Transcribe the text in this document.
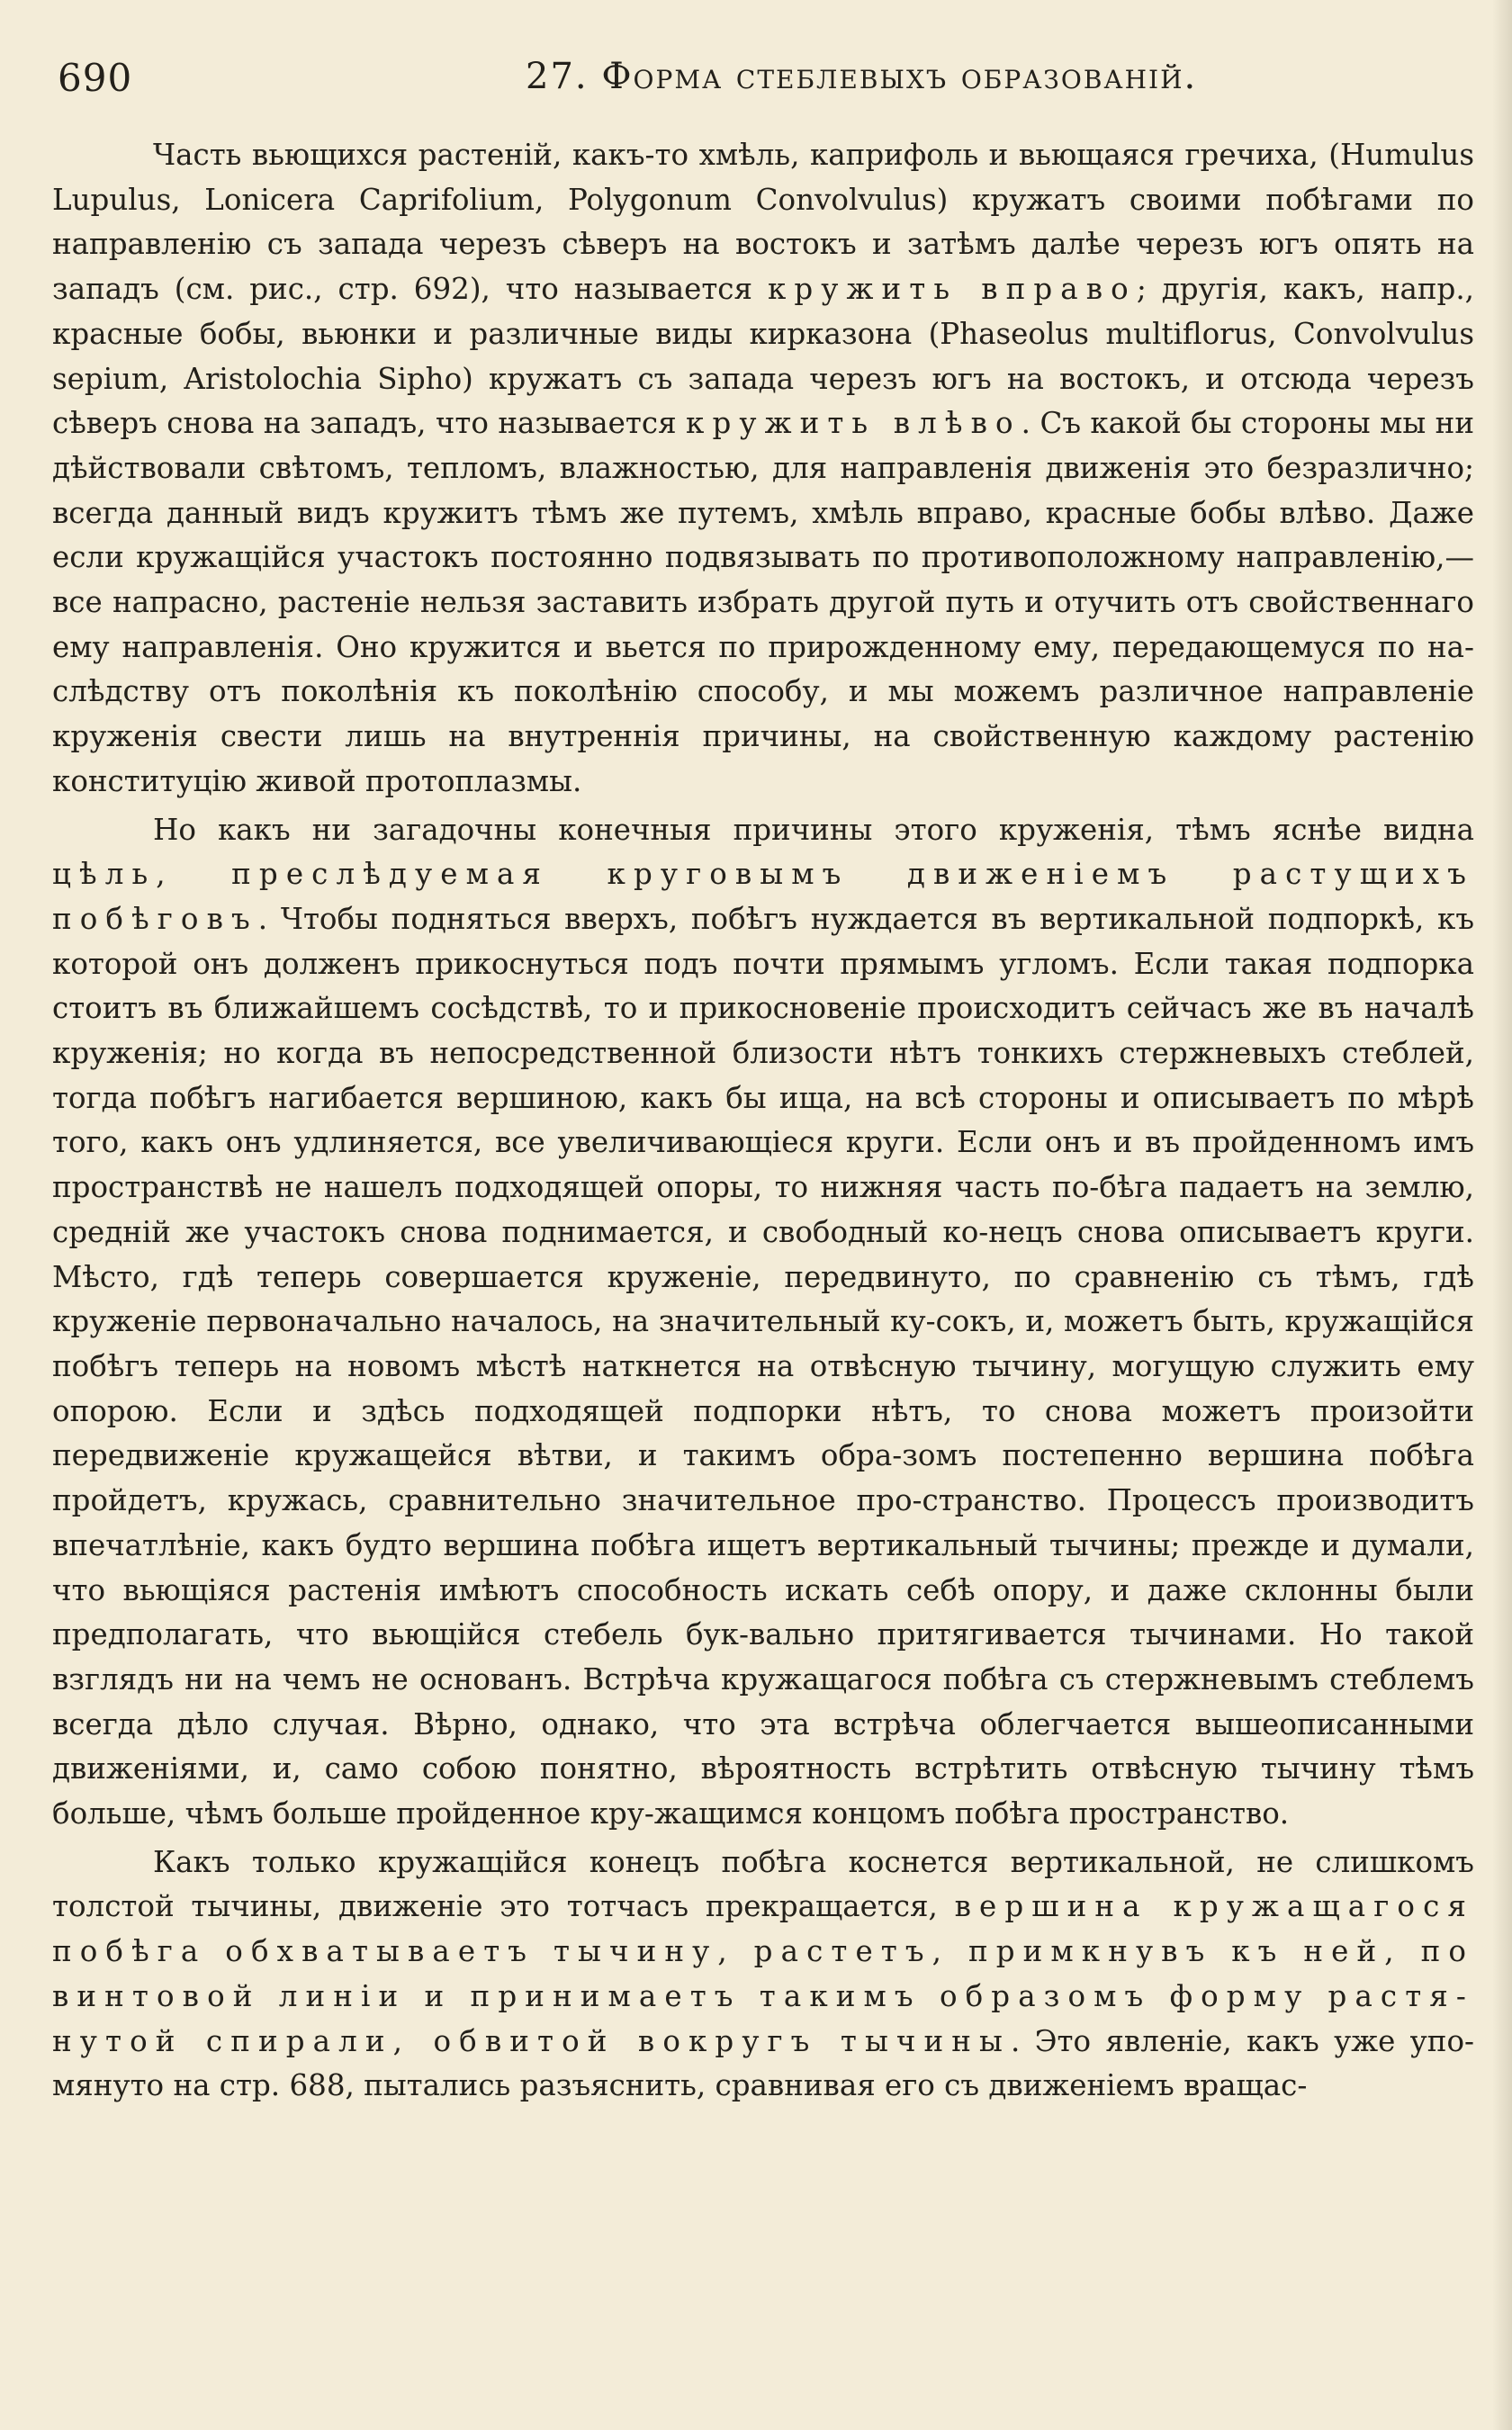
690	27. Форма стеблевыхъ образованій.

Часть вьющихся растеній, какъ-то хмѣль, каприфоль и вьющаяся гречиха, (Humulus Lupulus, Lonicera Caprifolium, Polygonum Convolvulus) кружатъ своими побѣгами по направленію съ запада черезъ сѣверъ на востокъ и затѣмъ далѣе черезъ югъ опять на западъ (см. рис., стр. 692), что называется кружить вправо; другія, какъ, напр., красные бобы, вьюнки и различные виды кирказона (Phaseolus multiflorus, Convolvulus sepium, Aristolochia Sipho) кружатъ съ запада черезъ югъ на востокъ, и отсюда черезъ сѣверъ снова на западъ, что называется кружить влѣво. Съ какой бы стороны мы ни дѣйствовали свѣтомъ, тепломъ, влажностью, для направленія движенія это безразлично; всегда данный видъ кружитъ тѣмъ же путемъ, хмѣль вправо, красные бобы влѣво. Даже если кружащійся участокъ постоянно подвязывать по противоположному направленію,—все напрасно, растеніе нельзя заставить избрать другой путь и отучить отъ свойственнаго ему направленія. Оно кружится и вьется по прирожденному ему, передающемуся по на-слѣдству отъ поколѣнія къ поколѣнію способу, и мы можемъ различное направленіе круженія свести лишь на внутреннія причины, на свойственную каждому растенію конституцію живой протоплазмы.

Но какъ ни загадочны конечныя причины этого круженія, тѣмъ яснѣе видна цѣль, преслѣдуемая круговымъ движеніемъ растущихъ побѣговъ. Чтобы подняться вверхъ, побѣгъ нуждается въ вертикальной подпоркѣ, къ которой онъ долженъ прикоснуться подъ почти прямымъ угломъ. Если такая подпорка стоитъ въ ближайшемъ сосѣдствѣ, то и прикосновеніе происходитъ сейчасъ же въ началѣ круженія; но когда въ непосредственной близости нѣтъ тонкихъ стержневыхъ стеблей, тогда побѣгъ нагибается вершиною, какъ бы ища, на всѣ стороны и описываетъ по мѣрѣ того, какъ онъ удлиняется, все увеличивающіеся круги. Если онъ и въ пройденномъ имъ пространствѣ не нашелъ подходящей опоры, то нижняя часть по-бѣга падаетъ на землю, средній же участокъ снова поднимается, и свободный ко-нецъ снова описываетъ круги. Мѣсто, гдѣ теперь совершается круженіе, передвинуто, по сравненію съ тѣмъ, гдѣ круженіе первоначально началось, на значительный ку-сокъ, и, можетъ быть, кружащійся побѣгъ теперь на новомъ мѣстѣ наткнется на отвѣсную тычину, могущую служить ему опорою. Если и здѣсь подходящей подпорки нѣтъ, то снова можетъ произойти передвиженіе кружащейся вѣтви, и такимъ обра-зомъ постепенно вершина побѣга пройдетъ, кружась, сравнительно значительное про-странство. Процессъ производитъ впечатлѣніе, какъ будто вершина побѣга ищетъ вертикальный тычины; прежде и думали, что вьющіяся растенія имѣютъ способность искать себѣ опору, и даже склонны были предполагать, что вьющійся стебель бук-вально притягивается тычинами. Но такой взглядъ ни на чемъ не основанъ. Встрѣча кружащагося побѣга съ стержневымъ стеблемъ всегда дѣло случая. Вѣрно, однако, что эта встрѣча облегчается вышеописанными движеніями, и, само собою понятно, вѣроятность встрѣтить отвѣсную тычину тѣмъ больше, чѣмъ больше пройденное кру-жащимся концомъ побѣга пространство.

Какъ только кружащійся конецъ побѣга коснется вертикальной, не слишкомъ толстой тычины, движеніе это тотчасъ прекращается, вершина кружащагося побѣга обхватываетъ тычину, растетъ, примкнувъ къ ней, по винтовой линіи и принимаетъ такимъ образомъ форму растя-нутой спирали, обвитой вокругъ тычины. Это явленіе, какъ уже упо-мянуто на стр. 688, пытались разъяснить, сравнивая его съ движеніемъ вращас-
